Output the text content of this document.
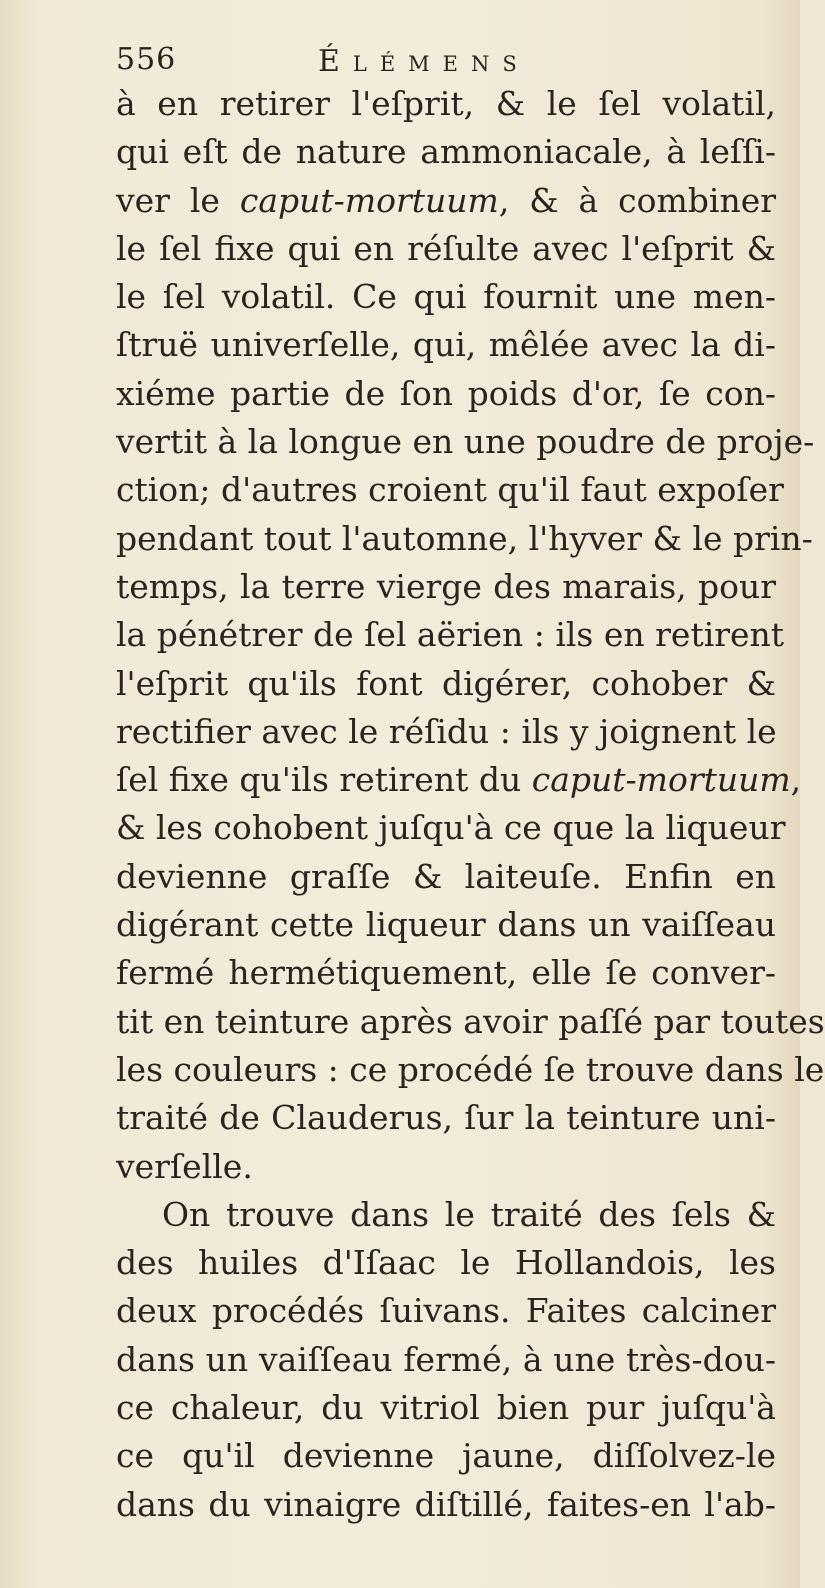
556	Élémens
à en retirer l'eſprit, & le ſel volatil,
qui eſt de nature ammoniacale, à leſſi-
ver le caput-mortuum, & à combiner
le ſel fixe qui en réſulte avec l'eſprit &
le ſel volatil. Ce qui fournit une men-
ſtruë univerſelle, qui, mêlée avec la di-
xiéme partie de ſon poids d'or, ſe con-
vertit à la longue en une poudre de proje-
ction; d'autres croient qu'il faut expoſer
pendant tout l'automne, l'hyver & le prin-
temps, la terre vierge des marais, pour
la pénétrer de ſel aërien : ils en retirent
l'eſprit qu'ils font digérer, cohober &
rectifier avec le réſidu : ils y joignent le
ſel fixe qu'ils retirent du caput-mortuum,
& les cohobent juſqu'à ce que la liqueur
devienne graſſe & laiteuſe. Enfin en
digérant cette liqueur dans un vaiſſeau
fermé hermétiquement, elle ſe conver-
tit en teinture après avoir paſſé par toutes
les couleurs : ce procédé ſe trouve dans le
traité de Clauderus, ſur la teinture uni-
verſelle.
On trouve dans le traité des ſels &
des huiles d'Iſaac le Hollandois, les
deux procédés ſuivans. Faites calciner
dans un vaiſſeau fermé, à une très-dou-
ce chaleur, du vitriol bien pur juſqu'à
ce qu'il devienne jaune, diſſolvez-le
dans du vinaigre diſtillé, faites-en l'ab-
